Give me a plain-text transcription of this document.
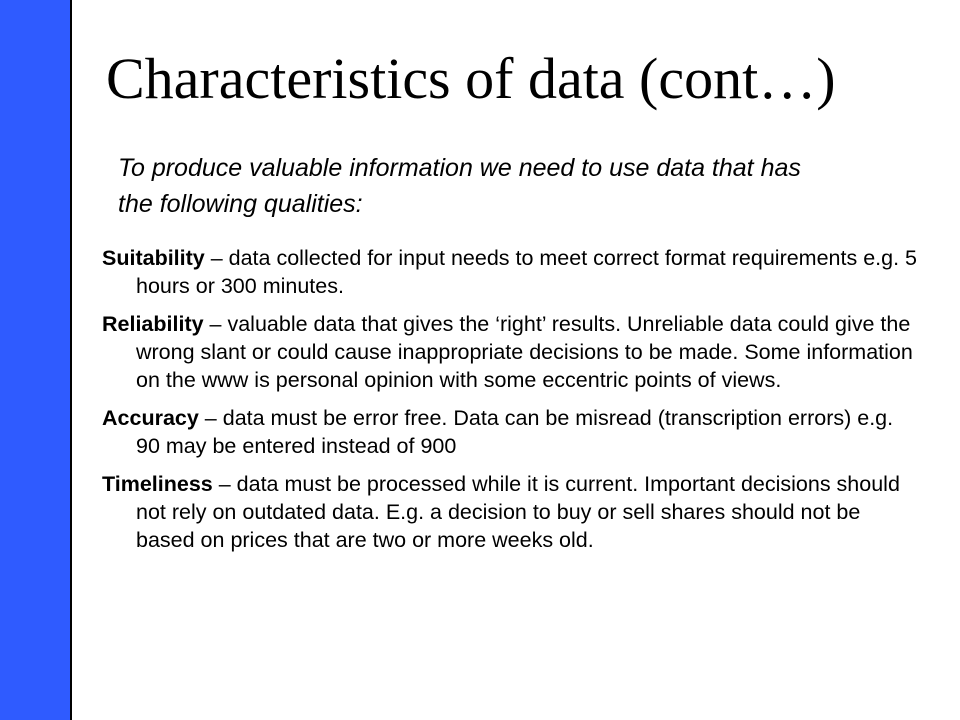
Characteristics of data (cont…)

To produce valuable information we need to use data that has the following qualities:

Suitability – data collected for input needs to meet correct format requirements e.g. 5 hours or 300 minutes.
Reliability – valuable data that gives the ‘right’ results. Unreliable data could give the wrong slant or could cause inappropriate decisions to be made. Some information on the www is personal opinion with some eccentric points of views.
Accuracy – data must be error free. Data can be misread (transcription errors) e.g. 90 may be entered instead of 900
Timeliness – data must be processed while it is current. Important decisions should not rely on outdated data. E.g. a decision to buy or sell shares should not be based on prices that are two or more weeks old.
